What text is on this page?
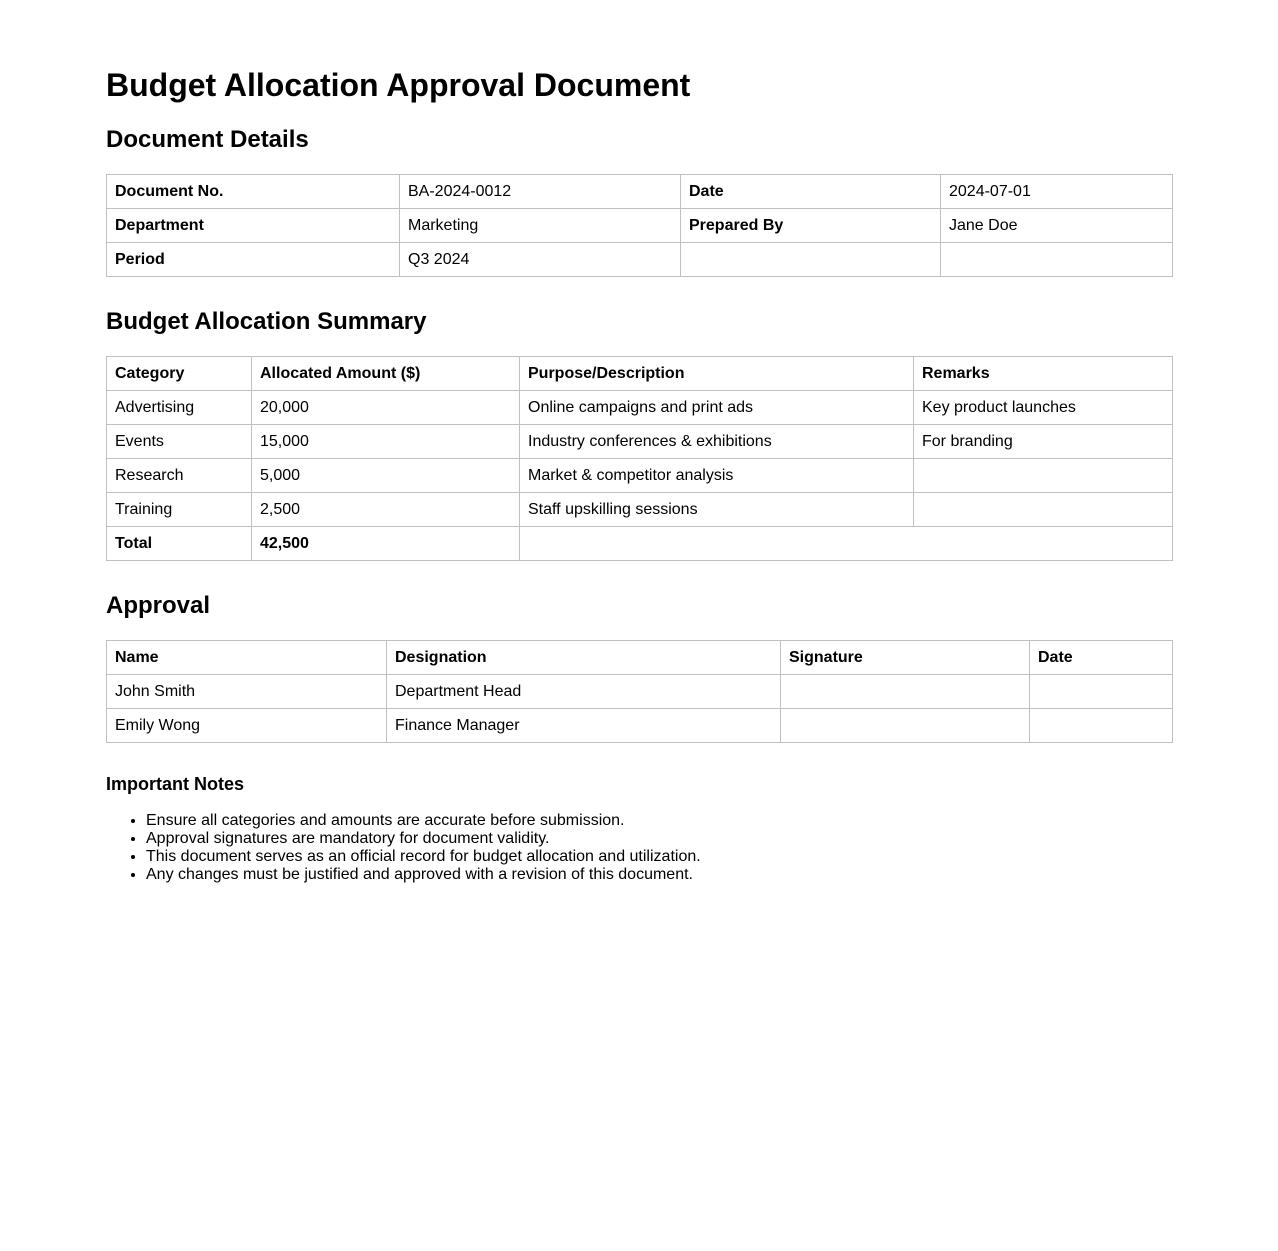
Budget Allocation Approval Document
Document Details
Document No.	BA-2024-0012	Date	2024-07-01
Department	Marketing	Prepared By	Jane Doe
Period	Q3 2024		
Budget Allocation Summary
Category	Allocated Amount ($)	Purpose/Description	Remarks
Advertising	20,000	Online campaigns and print ads	Key product launches
Events	15,000	Industry conferences & exhibitions	For branding
Research	5,000	Market & competitor analysis	
Training	2,500	Staff upskilling sessions	
Total	42,500		
Approval
Name	Designation	Signature	Date
John Smith	Department Head		
Emily Wong	Finance Manager		
Important Notes
• Ensure all categories and amounts are accurate before submission.
• Approval signatures are mandatory for document validity.
• This document serves as an official record for budget allocation and utilization.
• Any changes must be justified and approved with a revision of this document.
